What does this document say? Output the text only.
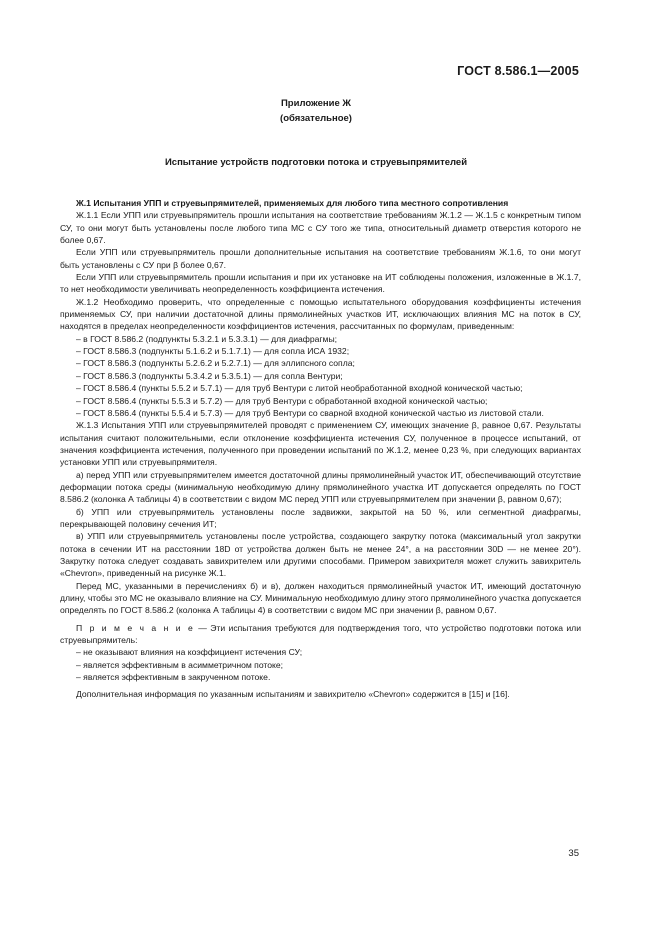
ГОСТ 8.586.1—2005
Приложение Ж
(обязательное)
Испытание устройств подготовки потока и струевыпрямителей

Ж.1 Испытания УПП и струевыпрямителей, применяемых для любого типа местного сопротивления

Ж.1.1 Если УПП или струевыпрямитель прошли испытания на соответствие требованиям Ж.1.2 — Ж.1.5 с конкретным типом СУ, то они могут быть установлены после любого типа МС с СУ того же типа, относительный диаметр отверстия которого не более 0,67.

Если УПП или струевыпрямитель прошли дополнительные испытания на соответствие требованиям Ж.1.6, то они могут быть установлены с СУ при β более 0,67.

Если УПП или струевыпрямитель прошли испытания и при их установке на ИТ соблюдены положения, изложенные в Ж.1.7, то нет необходимости увеличивать неопределенность коэффициента истечения.

Ж.1.2 Необходимо проверить, что определенные с помощью испытательного оборудования коэффициенты истечения применяемых СУ, при наличии достаточной длины прямолинейных участков ИТ, исключающих влияния МС на поток в СУ, находятся в пределах неопределенности коэффициентов истечения, рассчитанных по формулам, приведенным:

– в ГОСТ 8.586.2 (подпункты 5.3.2.1 и 5.3.3.1) — для диафрагмы;

– ГОСТ 8.586.3 (подпункты 5.1.6.2 и 5.1.7.1) — для сопла ИСА 1932;

– ГОСТ 8.586.3 (подпункты 5.2.6.2 и 5.2.7.1) — для эллипсного сопла;

– ГОСТ 8.586.3 (подпункты 5.3.4.2 и 5.3.5.1) — для сопла Вентури;

– ГОСТ 8.586.4 (пункты 5.5.2 и 5.7.1) — для труб Вентури с литой необработанной входной конической частью;

– ГОСТ 8.586.4 (пункты 5.5.3 и 5.7.2) — для труб Вентури с обработанной входной конической частью;

– ГОСТ 8.586.4 (пункты 5.5.4 и 5.7.3) — для труб Вентури со сварной входной конической частью из листовой стали.

Ж.1.3 Испытания УПП или струевыпрямителей проводят с применением СУ, имеющих значение β, равное 0,67. Результаты испытания считают положительными, если отклонение коэффициента истечения СУ, полученное в процессе испытаний, от значения коэффициента истечения, полученного при проведении испытаний по Ж.1.2, менее 0,23 %, при следующих вариантах установки УПП или струевыпрямителя.

а) перед УПП или струевыпрямителем имеется достаточной длины прямолинейный участок ИТ, обеспечивающий отсутствие деформации потока среды (минимальную необходимую длину прямолинейного участка ИТ допускается определять по ГОСТ 8.586.2 (колонка А таблицы 4) в соответствии с видом МС перед УПП или струевыпрямителем при значении β, равном 0,67);

б) УПП или струевыпрямитель установлены после задвижки, закрытой на 50 %, или сегментной диафрагмы, перекрывающей половину сечения ИТ;

в) УПП или струевыпрямитель установлены после устройства, создающего закрутку потока (максимальный угол закрутки потока в сечении ИТ на расстоянии 18D от устройства должен быть не менее 24°, а на расстоянии 30D — не менее 20°). Закрутку потока следует создавать завихрителем или другими способами. Примером завихрителя может служить завихритель «Chevron», приведенный на рисунке Ж.1.

Перед МС, указанными в перечислениях б) и в), должен находиться прямолинейный участок ИТ, имеющий достаточную длину, чтобы это МС не оказывало влияние на СУ. Минимальную необходимую длину этого прямолинейного участка допускается определять по ГОСТ 8.586.2 (колонка А таблицы 4) в соответствии с видом МС при значении β, равном 0,67.

П р и м е ч а н и е — Эти испытания требуются для подтверждения того, что устройство подготовки потока или струевыпрямитель:

– не оказывают влияния на коэффициент истечения СУ;

– является эффективным в асимметричном потоке;

– является эффективным в закрученном потоке.

Дополнительная информация по указанным испытаниям и завихрителю «Chevron» содержится в [15] и [16].

35
